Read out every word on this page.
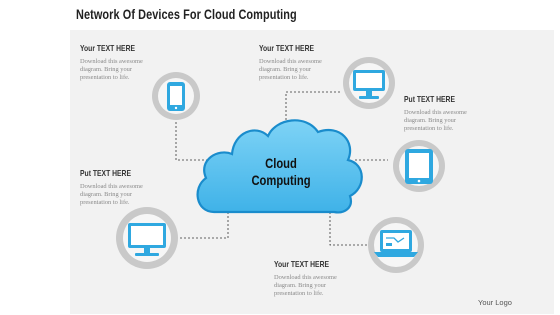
Network Of Devices For Cloud Computing
Cloud
Computing
Your TEXT HERE
Download this awesome
diagram. Bring your
presentation to life.
Your TEXT HERE
Download this awesome
diagram. Bring your
presentation to life.
Put TEXT HERE
Download this awesome
diagram. Bring your
presentation to life.
Put TEXT HERE
Download this awesome
diagram. Bring your
presentation to life.
Your TEXT HERE
Download this awesome
diagram. Bring your
presentation to life.
Your Logo
